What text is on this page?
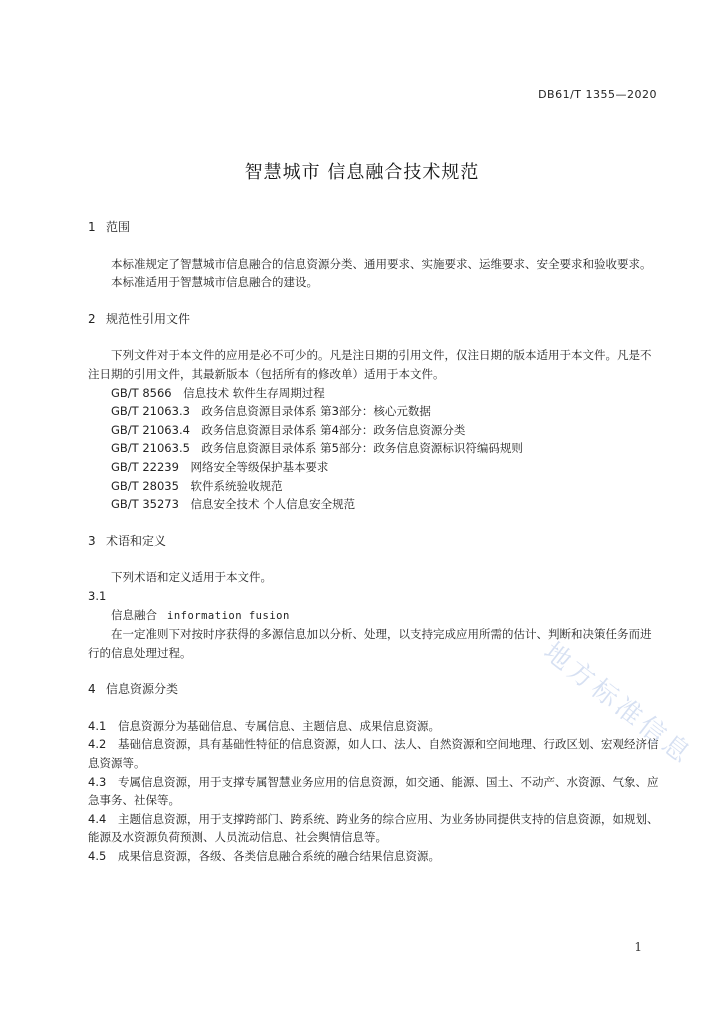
DB61/T 1355—2020
智慧城市 信息融合技术规范

1 范围

本标准规定了智慧城市信息融合的信息资源分类、通用要求、实施要求、运维要求、安全要求和验收要求。

本标准适用于智慧城市信息融合的建设。

2 规范性引用文件

下列文件对于本文件的应用是必不可少的。凡是注日期的引用文件，仅注日期的版本适用于本文件。凡是不注日期的引用文件，其最新版本（包括所有的修改单）适用于本文件。

GB/T 8566　信息技术 软件生存周期过程

GB/T 21063.3　政务信息资源目录体系 第3部分：核心元数据

GB/T 21063.4　政务信息资源目录体系 第4部分：政务信息资源分类

GB/T 21063.5　政务信息资源目录体系 第5部分：政务信息资源标识符编码规则

GB/T 22239　网络安全等级保护基本要求

GB/T 28035　软件系统验收规范

GB/T 35273　信息安全技术 个人信息安全规范

3 术语和定义

下列术语和定义适用于本文件。

3.1

信息融合 information fusion

在一定准则下对按时序获得的多源信息加以分析、处理，以支持完成应用所需的估计、判断和决策任务而进行的信息处理过程。

4 信息资源分类

4.1 信息资源分为基础信息、专属信息、主题信息、成果信息资源。

4.2 基础信息资源，具有基础性特征的信息资源，如人口、法人、自然资源和空间地理、行政区划、宏观经济信息资源等。

4.3 专属信息资源，用于支撑专属智慧业务应用的信息资源，如交通、能源、国土、不动产、水资源、气象、应急事务、社保等。

4.4 主题信息资源，用于支撑跨部门、跨系统、跨业务的综合应用、为业务协同提供支持的信息资源，如规划、能源及水资源负荷预测、人员流动信息、社会舆情信息等。

4.5 成果信息资源，各级、各类信息融合系统的融合结果信息资源。

地方标准信息
1
